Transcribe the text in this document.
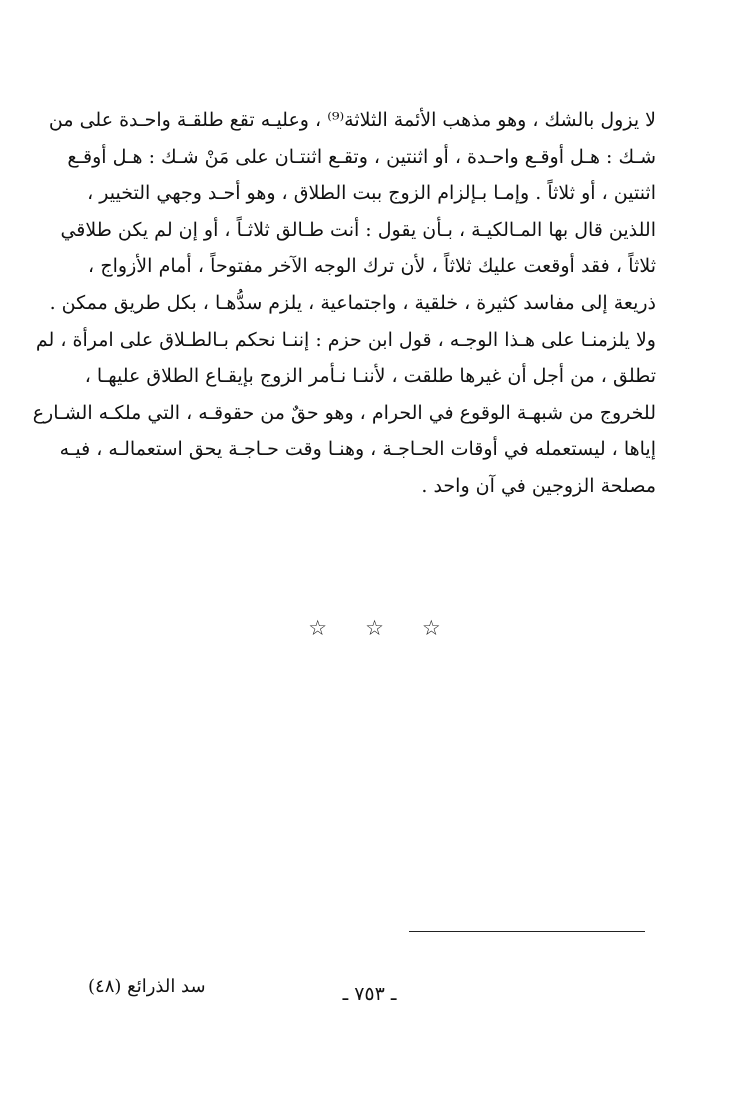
لا يزول بالشك ، وهو مذهب الأئمة الثلاثة⁽⁹⁾ ، وعليـه تقع طلقـة واحـدة على من
شـك : هـل أوقـع واحـدة ، أو اثنتين ، وتقـع اثنتـان على مَنْ شـك : هـل أوقـع
اثنتين ، أو ثلاثاً . وإمـا بـإلزام الزوج ببت الطلاق ، وهو أحـد وجهي التخيير ،
اللذين قال بها المـالكيـة ، بـأن يقول : أنت طـالق ثلاثـاً ، أو إن لم يكن طلاقي
ثلاثاً ، فقد أوقعت عليك ثلاثاً ، لأن ترك الوجه الآخر مفتوحاً ، أمام الأزواج ،
ذريعة إلى مفاسد كثيرة ، خلقية ، واجتماعية ، يلزم سدُّهـا ، بكل طريق ممكن .
ولا يلزمنـا على هـذا الوجـه ، قول ابن حزم : إننـا نحكم بـالطـلاق على امرأة ، لم
تطلق ، من أجل أن غيرها طلقت ، لأننـا نـأمر الزوج بإيقـاع الطلاق عليهـا ،
للخروج من شبهـة الوقوع في الحرام ، وهو حقٌ من حقوقـه ، التي ملكـه الشـارع
إياها ، ليستعمله في أوقات الحـاجـة ، وهنـا وقت حـاجـة يحق استعمالـه ، فيـه
مصلحة الزوجين في آن واحد .
☆ ☆ ☆
سد الذرائع (٤٨)	ـ ٧٥٣ ـ
